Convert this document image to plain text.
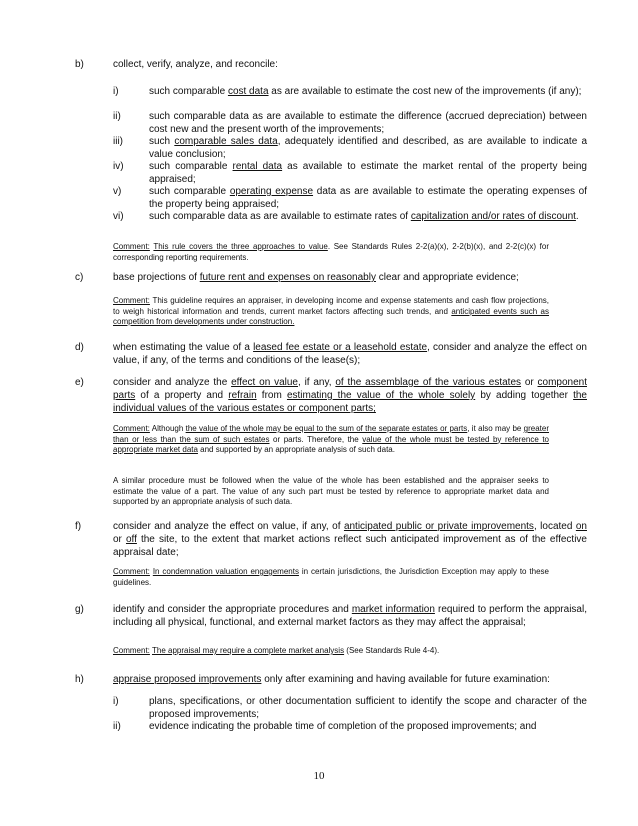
b)	collect, verify, analyze, and reconcile:
i)	such comparable cost data as are available to estimate the cost new of the improvements (if any);
ii)	such comparable data as are available to estimate the difference (accrued depreciation) between cost new and the present worth of the improvements;
iii)	such comparable sales data, adequately identified and described, as are available to indicate a value conclusion;
iv)	such comparable rental data as available to estimate the market rental of the property being appraised;
v)	such comparable operating expense data as are available to estimate the operating expenses of the property being appraised;
vi)	such comparable data as are available to estimate rates of capitalization and/or rates of discount.
Comment: This rule covers the three approaches to value. See Standards Rules 2-2(a)(x), 2-2(b)(x), and 2-2(c)(x) for corresponding reporting requirements.
c)	base projections of future rent and expenses on reasonably clear and appropriate evidence;
Comment: This guideline requires an appraiser, in developing income and expense statements and cash flow projections, to weigh historical information and trends, current market factors affecting such trends, and anticipated events such as competition from developments under construction.
d)	when estimating the value of a leased fee estate or a leasehold estate, consider and analyze the effect on value, if any, of the terms and conditions of the lease(s);
e)	consider and analyze the effect on value, if any, of the assemblage of the various estates or component parts of a property and refrain from estimating the value of the whole solely by adding together the individual values of the various estates or component parts;
Comment: Although the value of the whole may be equal to the sum of the separate estates or parts, it also may be greater than or less than the sum of such estates or parts. Therefore, the value of the whole must be tested by reference to appropriate market data and supported by an appropriate analysis of such data.
A similar procedure must be followed when the value of the whole has been established and the appraiser seeks to estimate the value of a part. The value of any such part must be tested by reference to appropriate market data and supported by an appropriate analysis of such data.
f)	consider and analyze the effect on value, if any, of anticipated public or private improvements, located on or off the site, to the extent that market actions reflect such anticipated improvement as of the effective appraisal date;
Comment: In condemnation valuation engagements in certain jurisdictions, the Jurisdiction Exception may apply to these guidelines.
g)	identify and consider the appropriate procedures and market information required to perform the appraisal, including all physical, functional, and external market factors as they may affect the appraisal;
Comment: The appraisal may require a complete market analysis (See Standards Rule 4-4).
h)	appraise proposed improvements only after examining and having available for future examination:
i)	plans, specifications, or other documentation sufficient to identify the scope and character of the proposed improvements;
ii)	evidence indicating the probable time of completion of the proposed improvements; and
10
